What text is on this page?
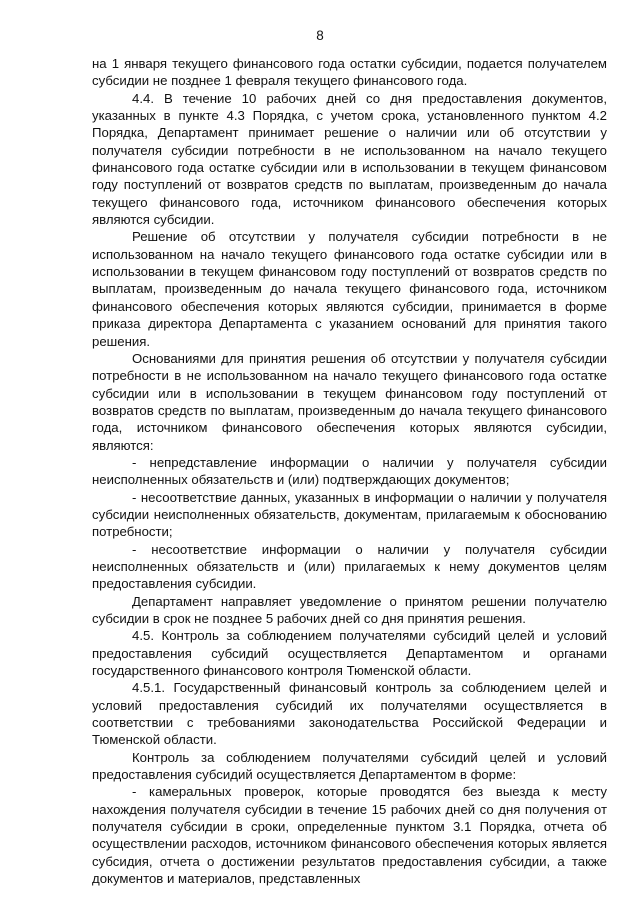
8

на 1 января текущего финансового года остатки субсидии, подается получателем субсидии не позднее 1 февраля текущего финансового года.

4.4. В течение 10 рабочих дней со дня предоставления документов, указанных в пункте 4.3 Порядка, с учетом срока, установленного пунктом 4.2 Порядка, Департамент принимает решение о наличии или об отсутствии у получателя субсидии потребности в не использованном на начало текущего финансового года остатке субсидии или в использовании в текущем финансовом году поступлений от возвратов средств по выплатам, произведенным до начала текущего финансового года, источником финансового обеспечения которых являются субсидии.

Решение об отсутствии у получателя субсидии потребности в не использованном на начало текущего финансового года остатке субсидии или в использовании в текущем финансовом году поступлений от возвратов средств по выплатам, произведенным до начала текущего финансового года, источником финансового обеспечения которых являются субсидии, принимается в форме приказа директора Департамента с указанием оснований для принятия такого решения.

Основаниями для принятия решения об отсутствии у получателя субсидии потребности в не использованном на начало текущего финансового года остатке субсидии или в использовании в текущем финансовом году поступлений от возвратов средств по выплатам, произведенным до начала текущего финансового года, источником финансового обеспечения которых являются субсидии, являются:

- непредставление информации о наличии у получателя субсидии неисполненных обязательств и (или) подтверждающих документов;

- несоответствие данных, указанных в информации о наличии у получателя субсидии неисполненных обязательств, документам, прилагаемым к обоснованию потребности;

- несоответствие информации о наличии у получателя субсидии неисполненных обязательств и (или) прилагаемых к нему документов целям предоставления субсидии.

Департамент направляет уведомление о принятом решении получателю субсидии в срок не позднее 5 рабочих дней со дня принятия решения.

4.5. Контроль за соблюдением получателями субсидий целей и условий предоставления субсидий осуществляется Департаментом и органами государственного финансового контроля Тюменской области.

4.5.1. Государственный финансовый контроль за соблюдением целей и условий предоставления субсидий их получателями осуществляется в соответствии с требованиями законодательства Российской Федерации и Тюменской области.

Контроль за соблюдением получателями субсидий целей и условий предоставления субсидий осуществляется Департаментом в форме:

- камеральных проверок, которые проводятся без выезда к месту нахождения получателя субсидии в течение 15 рабочих дней со дня получения от получателя субсидии в сроки, определенные пунктом 3.1 Порядка, отчета об осуществлении расходов, источником финансового обеспечения которых является субсидия, отчета о достижении результатов предоставления субсидии, а также документов и материалов, представленных
